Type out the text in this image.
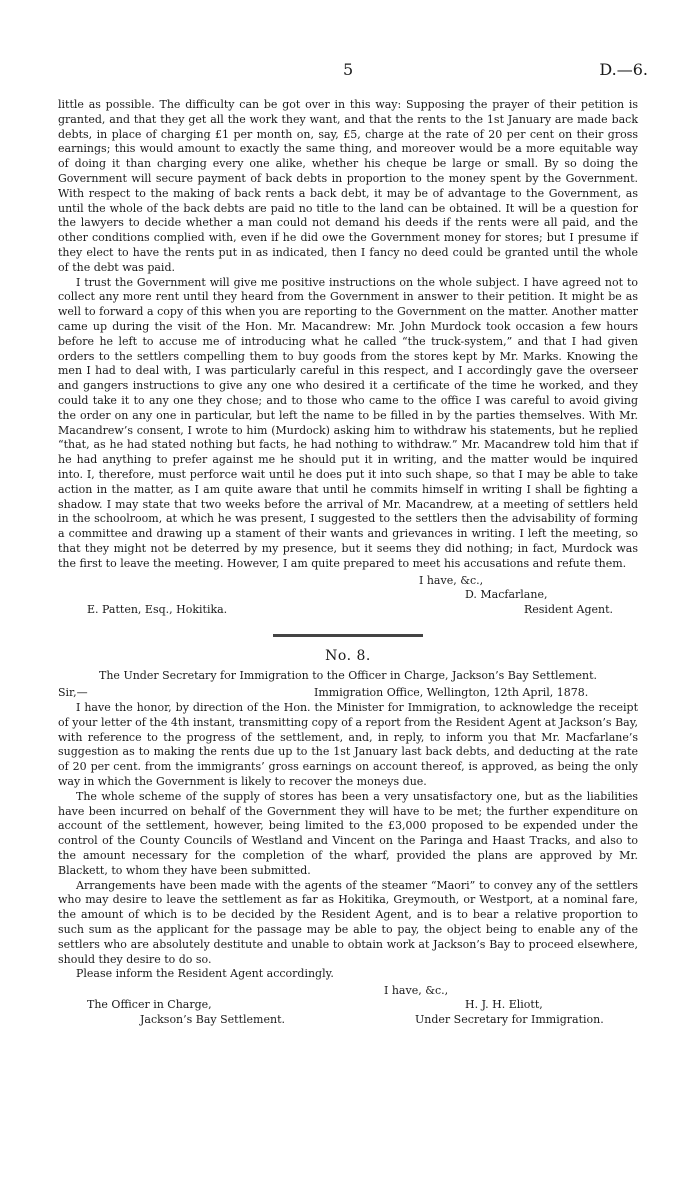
5	D.—6.

little as possible. The difficulty can be got over in this way: Supposing the prayer of their petition is granted, and that they get all the work they want, and that the rents to the 1st January are made back debts, in place of charging £1 per month on, say, £5, charge at the rate of 20 per cent on their gross earnings; this would amount to exactly the same thing, and moreover would be a more equitable way of doing it than charging every one alike, whether his cheque be large or small. By so doing the Government will secure payment of back debts in proportion to the money spent by the Government. With respect to the making of back rents a back debt, it may be of advantage to the Government, as until the whole of the back debts are paid no title to the land can be obtained. It will be a question for the lawyers to decide whether a man could not demand his deeds if the rents were all paid, and the other conditions complied with, even if he did owe the Government money for stores; but I presume if they elect to have the rents put in as indicated, then I fancy no deed could be granted until the whole of the debt was paid.

I trust the Government will give me positive instructions on the whole subject. I have agreed not to collect any more rent until they heard from the Government in answer to their petition. It might be as well to forward a copy of this when you are reporting to the Government on the matter. Another matter came up during the visit of the Hon. Mr. Macandrew: Mr. John Murdock took occasion a few hours before he left to accuse me of introducing what he called “the truck-system,” and that I had given orders to the settlers compelling them to buy goods from the stores kept by Mr. Marks. Knowing the men I had to deal with, I was particularly careful in this respect, and I accordingly gave the overseer and gangers instructions to give any one who desired it a certificate of the time he worked, and they could take it to any one they chose; and to those who came to the office I was careful to avoid giving the order on any one in particular, but left the name to be filled in by the parties themselves. With Mr. Macandrew’s consent, I wrote to him (Murdock) asking him to withdraw his statements, but he replied “that, as he had stated nothing but facts, he had nothing to withdraw.” Mr. Macandrew told him that if he had anything to prefer against me he should put it in writing, and the matter would be inquired into. I, therefore, must perforce wait until he does put it into such shape, so that I may be able to take action in the matter, as I am quite aware that until he commits himself in writing I shall be fighting a shadow. I may state that two weeks before the arrival of Mr. Macandrew, at a meeting of settlers held in the schoolroom, at which he was present, I suggested to the settlers then the advisability of forming a committee and drawing up a stament of their wants and grievances in writing. I left the meeting, so that they might not be deterred by my presence, but it seems they did nothing; in fact, Murdock was the first to leave the meeting. However, I am quite prepared to meet his accusations and refute them.

I have, &c.,
D. Macfarlane,
E. Patten, Esq., Hokitika.	Resident Agent.
No. 8.
The Under Secretary for Immigration to the Officer in Charge, Jackson’s Bay Settlement.
Sir,—	Immigration Office, Wellington, 12th April, 1878.

I have the honor, by direction of the Hon. the Minister for Immigration, to acknowledge the receipt of your letter of the 4th instant, transmitting copy of a report from the Resident Agent at Jackson’s Bay, with reference to the progress of the settlement, and, in reply, to inform you that Mr. Macfarlane’s suggestion as to making the rents due up to the 1st January last back debts, and deducting at the rate of 20 per cent. from the immigrants’ gross earnings on account thereof, is approved, as being the only way in which the Government is likely to recover the moneys due.

The whole scheme of the supply of stores has been a very unsatisfactory one, but as the liabilities have been incurred on behalf of the Government they will have to be met; the further expenditure on account of the settlement, however, being limited to the £3,000 proposed to be expended under the control of the County Councils of Westland and Vincent on the Paringa and Haast Tracks, and also to the amount necessary for the completion of the wharf, provided the plans are approved by Mr. Blackett, to whom they have been submitted.

Arrangements have been made with the agents of the steamer “Maori” to convey any of the settlers who may desire to leave the settlement as far as Hokitika, Greymouth, or Westport, at a nominal fare, the amount of which is to be decided by the Resident Agent, and is to bear a relative proportion to such sum as the applicant for the passage may be able to pay, the object being to enable any of the settlers who are absolutely destitute and unable to obtain work at Jackson’s Bay to proceed elsewhere, should they desire to do so.

Please inform the Resident Agent accordingly.

I have, &c.,
H. J. H. Eliott,
The Officer in Charge,
Jackson’s Bay Settlement.	Under Secretary for Immigration.
